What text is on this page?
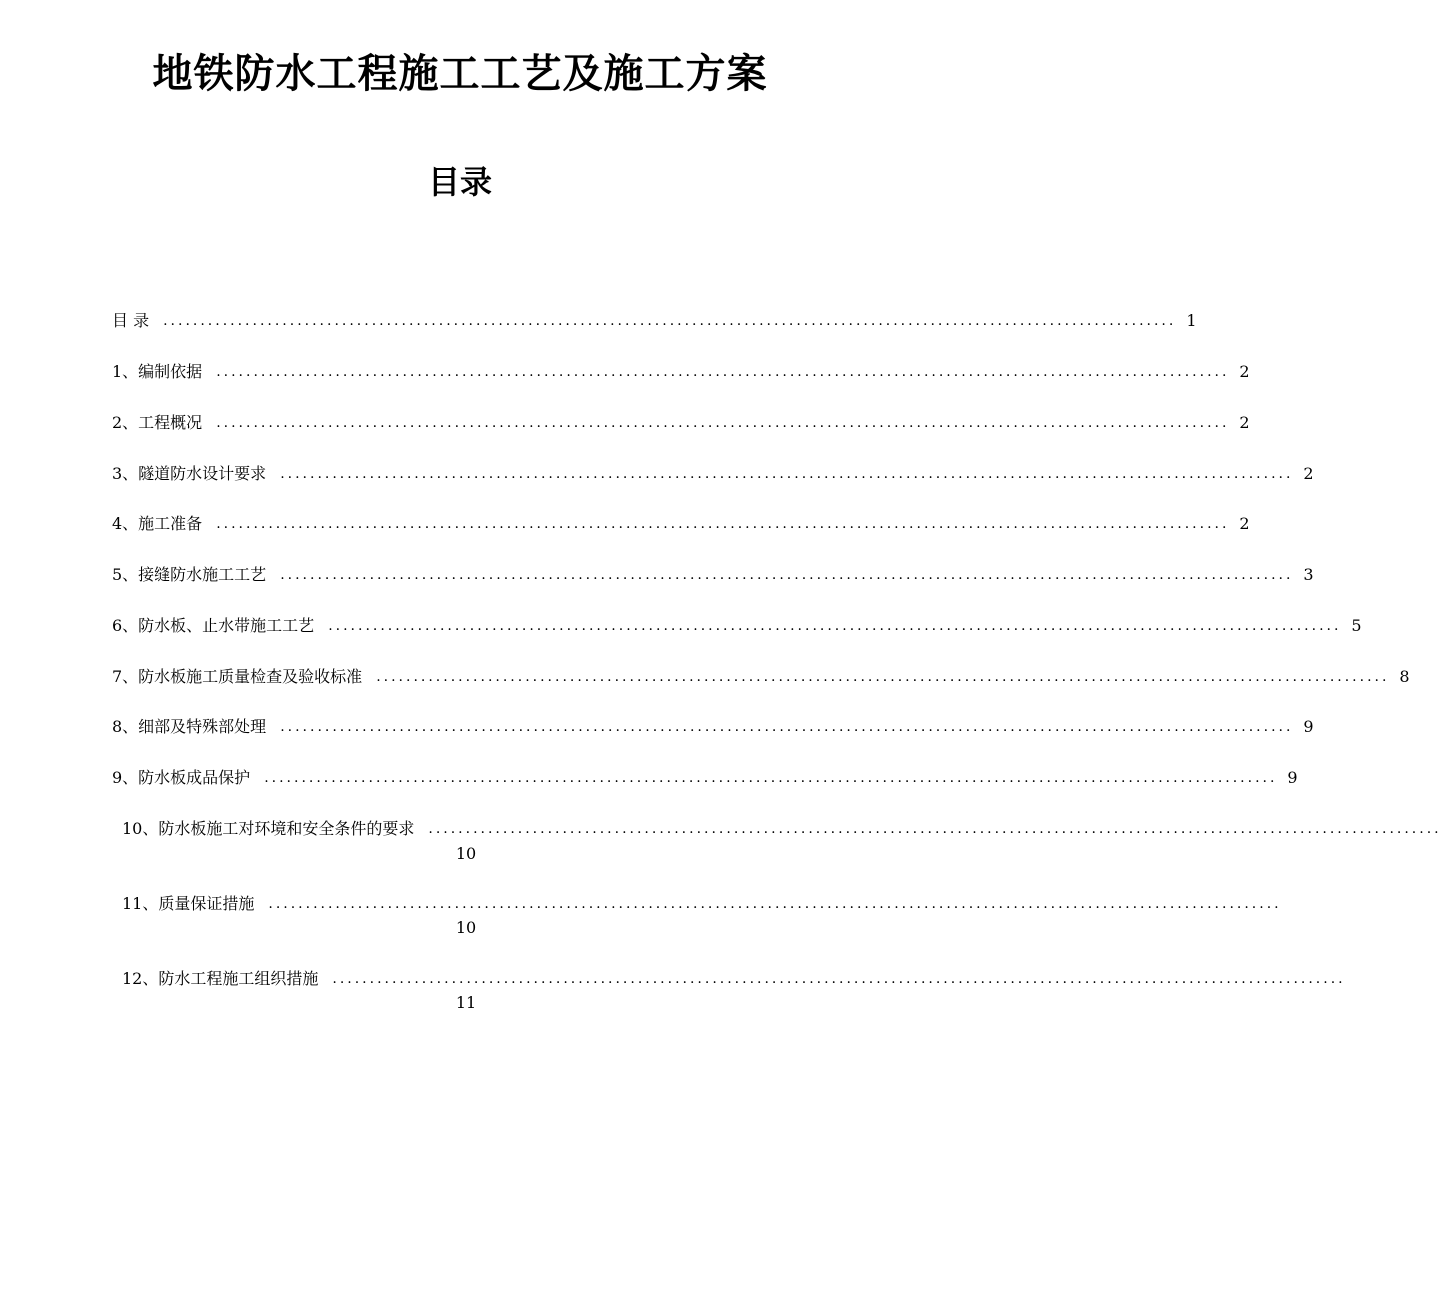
地铁防水工程施工工艺及施工方案
目录
目 录 ........................................................................................................................................ 1
1、编制依据 ........................................................................................................................................ 2
2、工程概况 ........................................................................................................................................ 2
3、隧道防水设计要求 ........................................................................................................................................ 2
4、施工准备 ........................................................................................................................................ 2
5、接缝防水施工工艺 ........................................................................................................................................ 3
6、防水板、止水带施工工艺 ........................................................................................................................................ 5
7、防水板施工质量检查及验收标准 ........................................................................................................................................ 8
8、细部及特殊部处理 ........................................................................................................................................ 9
9、防水板成品保护 ........................................................................................................................................ 9
10、防水板施工对环境和安全条件的要求 ........................................................................................................................................
10
11、质量保证措施 ........................................................................................................................................
10
12、防水工程施工组织措施 ........................................................................................................................................
11
